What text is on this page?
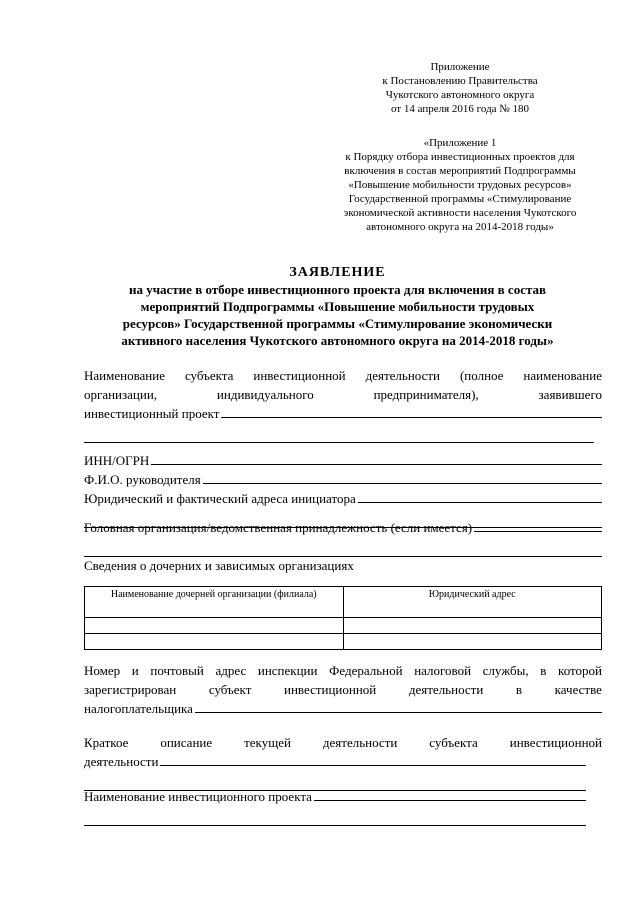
Приложение
к Постановлению Правительства
Чукотского автономного округа
от 14 апреля 2016 года № 180
«Приложение 1
к Порядку отбора инвестиционных проектов для
включения в состав мероприятий Подпрограммы
«Повышение мобильности трудовых ресурсов»
Государственной программы «Стимулирование
экономической активности населения Чукотского
автономного округа на 2014-2018 годы»
ЗАЯВЛЕНИЕ
на участие в отборе инвестиционного проекта для включения в состав
мероприятий Подпрограммы «Повышение мобильности трудовых
ресурсов» Государственной программы «Стимулирование экономически
активного населения Чукотского автономного округа на 2014-2018 годы»
Наименование субъекта инвестиционной деятельности (полное наименование
организации,	индивидуального	предпринимателя),	заявившего
инвестиционный проект
ИНН/ОГРН
Ф.И.О. руководителя
Юридический и фактический адреса инициатора
Головная организация/ведомственная принадлежность (если имеется)
Сведения о дочерних и зависимых организациях
Наименование дочерней организации (филиала)	Юридический адрес

Номер и почтовый адрес инспекции Федеральной налоговой службы, в которой
зарегистрирован	субъект	инвестиционной	деятельности	в	качестве
налогоплательщика
Краткое описание текущей деятельности субъекта инвестиционной
деятельности
Наименование инвестиционного проекта
